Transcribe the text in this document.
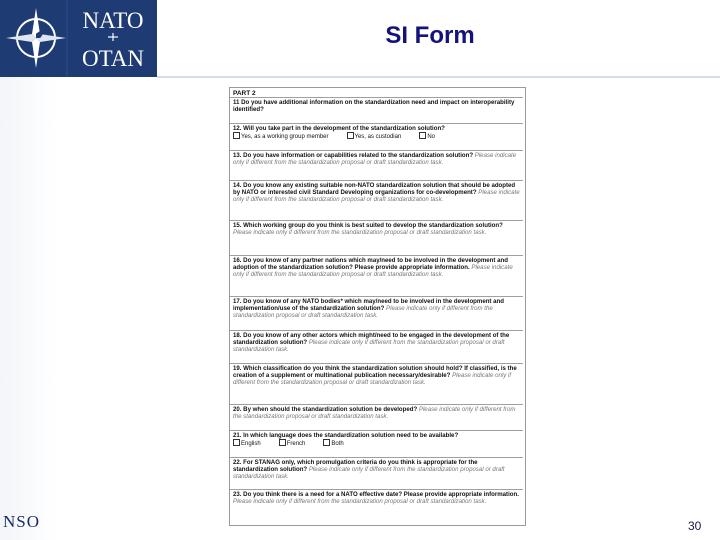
NATO
OTAN
SI Form
PART 2
11 Do you have additional information on the standardization need and impact on interoperability identified?
12. Will you take part in the development of the standardization solution?
Yes, as a working group member	Yes, as custodian	No
13. Do you have information or capabilities related to the standardization solution? Please indicate only if different from the standardization proposal or draft standardization task.
14. Do you know any existing suitable non-NATO standardization solution that should be adopted by NATO or interested civil Standard Developing organizations for co-development? Please indicate only if different from the standardization proposal or draft standardization task.
15. Which working group do you think is best suited to develop the standardization solution? Please indicate only if different from the standardization proposal or draft standardization task.
16. Do you know of any partner nations which may/need to be involved in the development and adoption of the standardization solution? Please provide appropriate information. Please indicate only if different from the standardization proposal or draft standardization task.
17. Do you know of any NATO bodies* which may/need to be involved in the development and implementation/use of the standardization solution? Please indicate only if different from the standardization proposal or draft standardization task.
18. Do you know of any other actors which might/need to be engaged in the development of the standardization solution? Please indicate only if different from the standardization proposal or draft standardization task.
19. Which classification do you think the standardization solution should hold? If classified, is the creation of a supplement or multinational publication necessary/desirable? Please indicate only if different from the standardization proposal or draft standardization task.
20. By when should the standardization solution be developed? Please indicate only if different from the standardization proposal or draft standardization task.
21. In which language does the standardization solution need to be available?
English	French	Both
22. For STANAG only, which promulgation criteria do you think is appropriate for the standardization solution? Please indicate only if different from the standardization proposal or draft standardization task.
23. Do you think there is a need for a NATO effective date? Please provide appropriate information. Please indicate only if different from the standardization proposal or draft standardization task.
NSO	30
